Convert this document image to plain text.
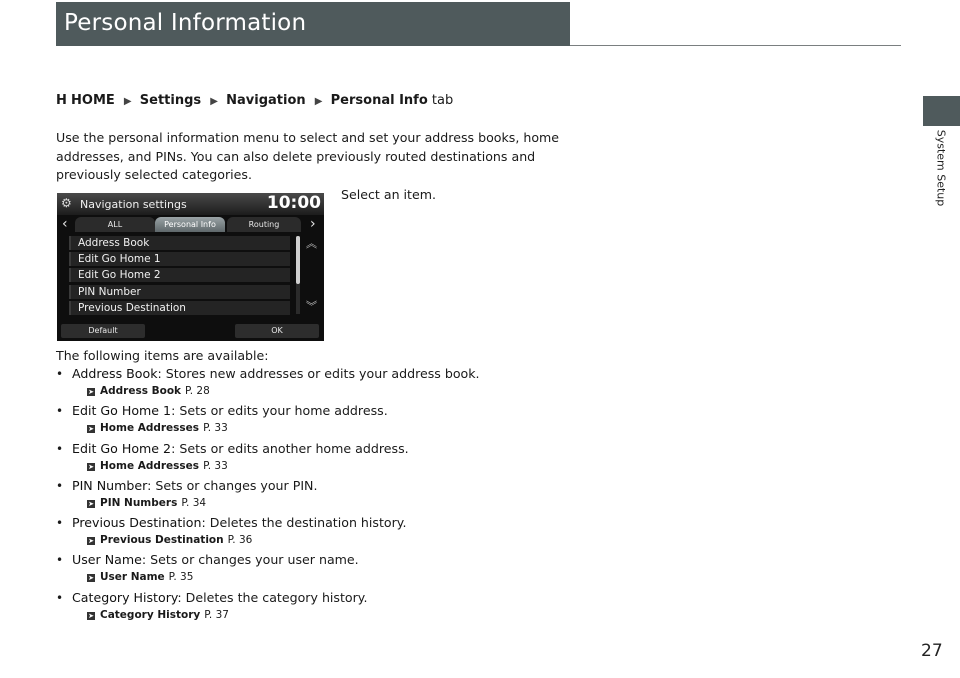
Personal Information
System Setup
27
H HOME ▶ Settings ▶ Navigation ▶ Personal Info tab
Use the personal information menu to select and set your address books, home
addresses, and PINs. You can also delete previously routed destinations and
previously selected categories.
Select an item.
⚙ Navigation settings	10:00
‹	ALL	Personal Info	Routing	›
Address Book
Edit Go Home 1
Edit Go Home 2
PIN Number
Previous Destination
︽
︾
Default	OK
The following items are available:
• Address Book: Stores new addresses or edits your address book.
➤ Address Book P. 28
• Edit Go Home 1: Sets or edits your home address.
➤ Home Addresses P. 33
• Edit Go Home 2: Sets or edits another home address.
➤ Home Addresses P. 33
• PIN Number: Sets or changes your PIN.
➤ PIN Numbers P. 34
• Previous Destination: Deletes the destination history.
➤ Previous Destination P. 36
• User Name: Sets or changes your user name.
➤ User Name P. 35
• Category History: Deletes the category history.
➤ Category History P. 37
